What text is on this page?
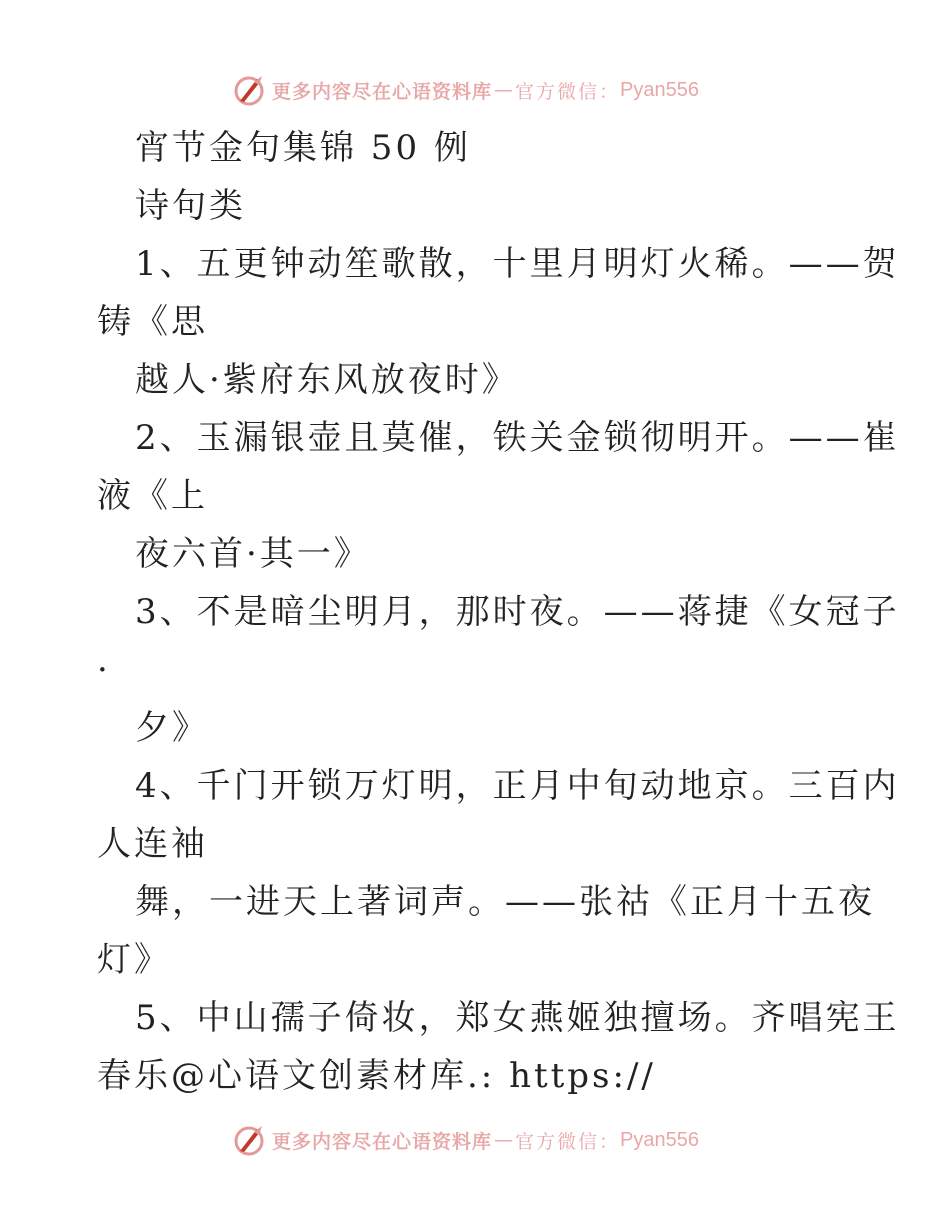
更多内容尽在心语资料库 — 官方微信： Pyan556
宵节金句集锦 50 例
诗句类
1、五更钟动笙歌散，十里月明灯火稀。——贺
铸《思
越人·紫府东风放夜时》
2、玉漏银壶且莫催，铁关金锁彻明开。——崔
液《上
夜六首·其一》
3、不是暗尘明月，那时夜。——蒋捷《女冠子
·
夕》
4、千门开锁万灯明，正月中旬动地京。三百内
人连袖
舞，一进天上著词声。——张祜《正月十五夜
灯》
5、中山孺子倚妆，郑女燕姬独擅场。齐唱宪王
春乐@心语文创素材库.: https://
更多内容尽在心语资料库 — 官方微信： Pyan556
